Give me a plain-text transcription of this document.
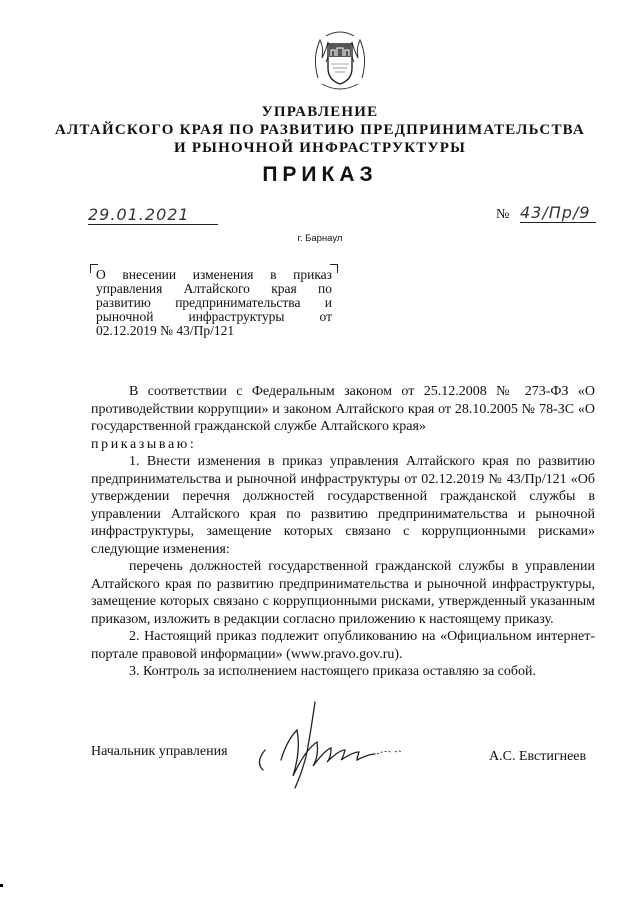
УПРАВЛЕНИЕ
АЛТАЙСКОГО КРАЯ ПО РАЗВИТИЮ ПРЕДПРИНИМАТЕЛЬСТВА
И РЫНОЧНОЙ ИНФРАСТРУКТУРЫ
ПРИКАЗ
29.01.2021	№ 43/Пр/9
г. Барнаул
О внесении изменения в приказ управления Алтайского края по развитию предпринимательства и рыночной инфраструктуры от 02.12.2019 № 43/Пр/121

В соответствии с Федеральным законом от 25.12.2008 № 273-ФЗ «О противодействии коррупции» и законом Алтайского края от 28.10.2005 № 78-ЗС «О государственной гражданской службе Алтайского края»

приказываю:

1. Внести изменения в приказ управления Алтайского края по развитию предпринимательства и рыночной инфраструктуры от 02.12.2019 № 43/Пр/121 «Об утверждении перечня должностей государственной гражданской службы в управлении Алтайского края по развитию предпринимательства и рыночной инфраструктуры, замещение которых связано с коррупционными рисками» следующие изменения:

перечень должностей государственной гражданской службы в управлении Алтайского края по развитию предпринимательства и рыночной инфраструктуры, замещение которых связано с коррупционными рисками, утвержденный указанным приказом, изложить в редакции согласно приложению к настоящему приказу.

2. Настоящий приказ подлежит опубликованию на «Официальном интернет-портале правовой информации» (www.pravo.gov.ru).

3. Контроль за исполнением настоящего приказа оставляю за собой.

Начальник управления	А.С. Евстигнеев
